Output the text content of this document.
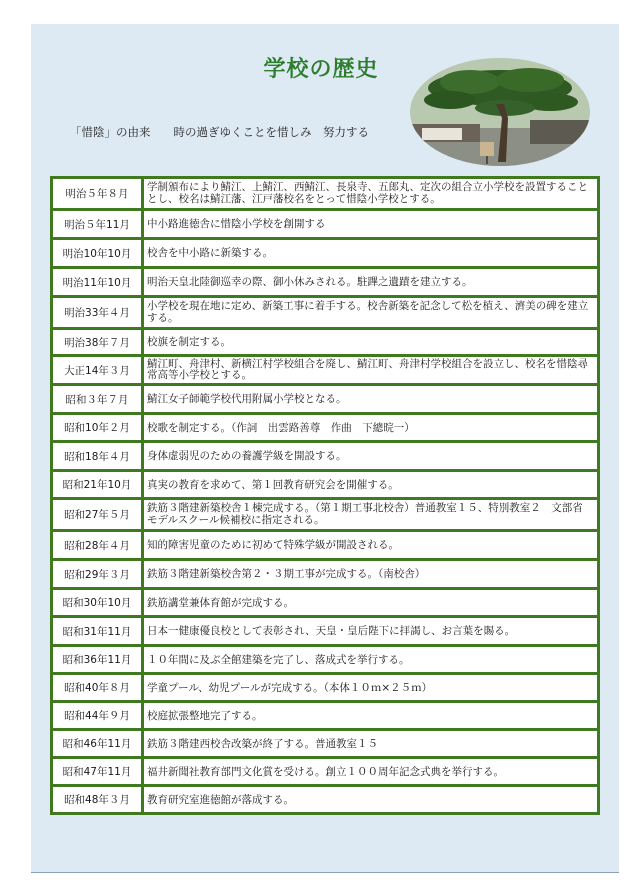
学校の歴史
「惜陰」の由来　　時の過ぎゆくことを惜しみ　努力する
明治５年８月	学制頒布により鯖江、上鯖江、西鯖江、長泉寺、五郎丸、定次の組合立小学校を設置することとし、校名は鯖江藩、江戸藩校名をとって惜陰小学校とする。
明治５年11月	中小路進徳舎に惜陰小学校を創開する
明治10年10月	校舎を中小路に新築する。
明治11年10月	明治天皇北陸御巡幸の際、御小休みされる。駐蹕之遺蹟を建立する。
明治33年４月	小学校を現在地に定め、新築工事に着手する。校舎新築を記念して松を植え、濟美の碑を建立する。
明治38年７月	校旗を制定する。
大正14年３月	鯖江町、舟津村、新横江村学校組合を廃し、鯖江町、舟津村学校組合を設立し、校名を惜陰尋常高等小学校とする。
昭和３年７月	鯖江女子師範学校代用附属小学校となる。
昭和10年２月	校歌を制定する。（作詞　出雲路善尊　作曲　下總晥一）
昭和18年４月	身体虚弱児のための養護学級を開設する。
昭和21年10月	真実の教育を求めて、第１回教育研究会を開催する。
昭和27年５月	鉄筋３階建新築校舎１棟完成する。（第１期工事北校舎）普通教室１５、特別教室２　文部省モデルスクール候補校に指定される。
昭和28年４月	知的障害児童のために初めて特殊学級が開設される。
昭和29年３月	鉄筋３階建新築校舎第２・３期工事が完成する。（南校舎）
昭和30年10月	鉄筋講堂兼体育館が完成する。
昭和31年11月	日本一健康優良校として表彰され、天皇・皇后陛下に拝謁し、お言葉を賜る。
昭和36年11月	１０年間に及ぶ全館建築を完了し、落成式を挙行する。
昭和40年８月	学童プール、幼児プールが完成する。（本体１０ｍ×２５ｍ）
昭和44年９月	校庭拡張整地完了する。
昭和46年11月	鉄筋３階建西校舎改築が終了する。普通教室１５
昭和47年11月	福井新聞社教育部門文化賞を受ける。創立１００周年記念式典を挙行する。
昭和48年３月	教育研究室進徳館が落成する。
